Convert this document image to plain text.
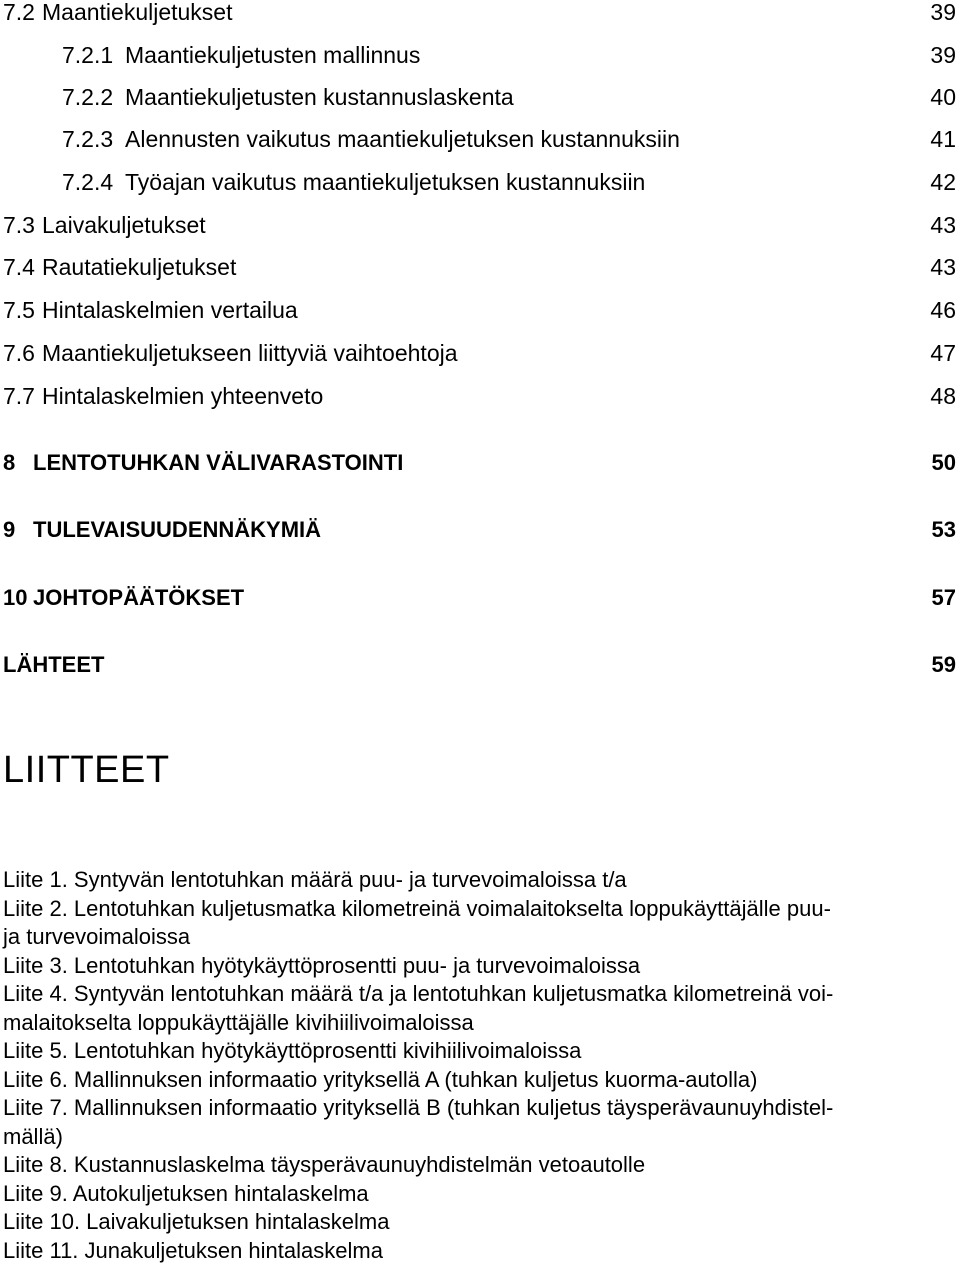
7.2 Maantiekuljetukset	39
7.2.1 Maantiekuljetusten mallinnus	39
7.2.2 Maantiekuljetusten kustannuslaskenta	40
7.2.3 Alennusten vaikutus maantiekuljetuksen kustannuksiin	41
7.2.4 Työajan vaikutus maantiekuljetuksen kustannuksiin	42
7.3 Laivakuljetukset	43
7.4 Rautatiekuljetukset	43
7.5 Hintalaskelmien vertailua	46
7.6 Maantiekuljetukseen liittyviä vaihtoehtoja	47
7.7 Hintalaskelmien yhteenveto	48
8 LENTOTUHKAN VÄLIVARASTOINTI	50
9 TULEVAISUUDENNÄKYMIÄ	53
10 JOHTOPÄÄTÖKSET	57
LÄHTEET	59
LIITTEET
Liite 1. Syntyvän lentotuhkan määrä puu- ja turvevoimaloissa t/a
Liite 2. Lentotuhkan kuljetusmatka kilometreinä voimalaitokselta loppukäyttäjälle puu-
ja turvevoimaloissa
Liite 3. Lentotuhkan hyötykäyttöprosentti puu- ja turvevoimaloissa
Liite 4. Syntyvän lentotuhkan määrä t/a ja lentotuhkan kuljetusmatka kilometreinä voi-
malaitokselta loppukäyttäjälle kivihiilivoimaloissa
Liite 5. Lentotuhkan hyötykäyttöprosentti kivihiilivoimaloissa
Liite 6. Mallinnuksen informaatio yrityksellä A (tuhkan kuljetus kuorma-autolla)
Liite 7. Mallinnuksen informaatio yrityksellä B (tuhkan kuljetus täysperävaunuyhdistel-
mällä)
Liite 8. Kustannuslaskelma täysperävaunuyhdistelmän vetoautolle
Liite 9. Autokuljetuksen hintalaskelma
Liite 10. Laivakuljetuksen hintalaskelma
Liite 11. Junakuljetuksen hintalaskelma
